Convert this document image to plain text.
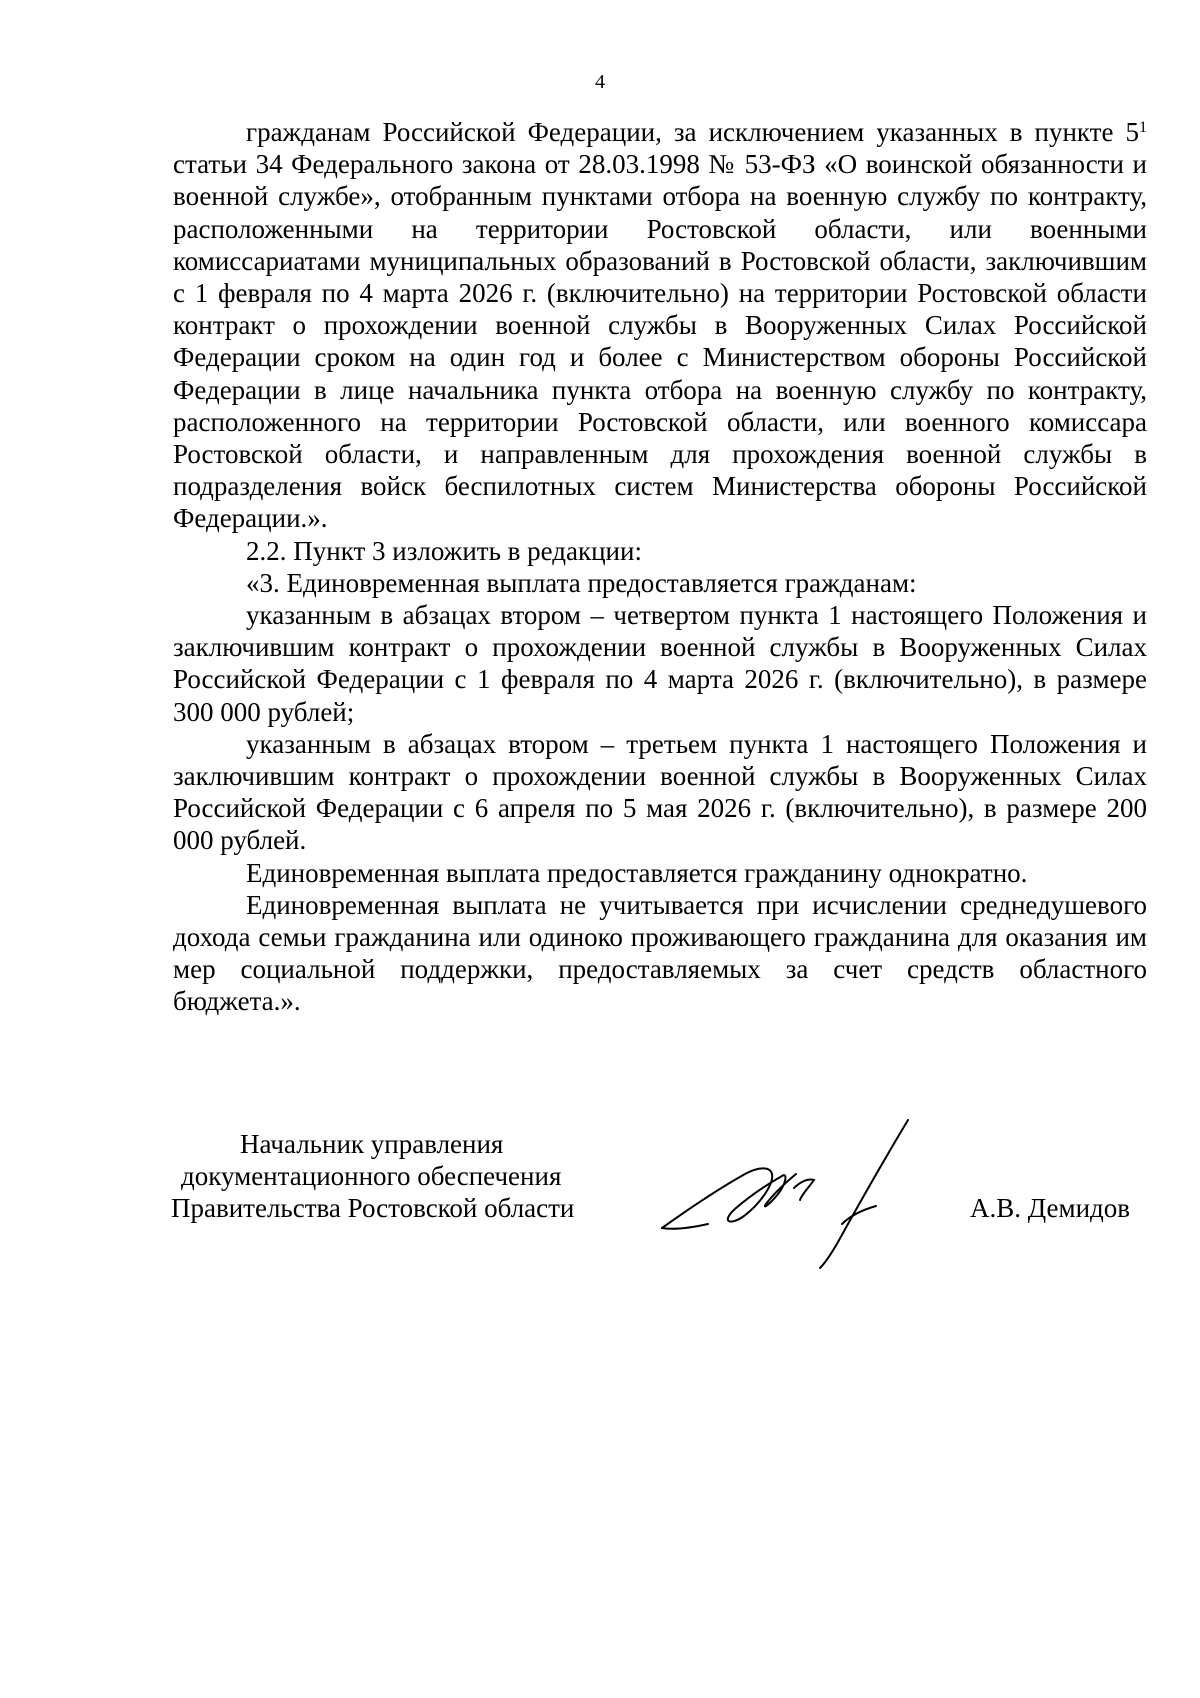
4

гражданам Российской Федерации, за исключением указанных в пункте $5^1$ статьи 34 Федерального закона от 28.03.1998 № 53-ФЗ «О воинской обязанности и военной службе», отобранным пунктами отбора на военную службу по контракту, расположенными на территории Ростовской области, или военными комиссариатами муниципальных образований в Ростовской области, заключившим с 1 февраля по 4 марта 2026 г. (включительно) на территории Ростовской области контракт о прохождении военной службы в Вооруженных Силах Российской Федерации сроком на один год и более с Министерством обороны Российской Федерации в лице начальника пункта отбора на военную службу по контракту, расположенного на территории Ростовской области, или военного комиссара Ростовской области, и направленным для прохождения военной службы в подразделения войск беспилотных систем Министерства обороны Российской Федерации.».

2.2. Пункт 3 изложить в редакции:

«3. Единовременная выплата предоставляется гражданам:

указанным в абзацах втором – четвертом пункта 1 настоящего Положения и заключившим контракт о прохождении военной службы в Вооруженных Силах Российской Федерации с 1 февраля по 4 марта 2026 г. (включительно), в размере 300 000 рублей;

указанным в абзацах втором – третьем пункта 1 настоящего Положения и заключившим контракт о прохождении военной службы в Вооруженных Силах Российской Федерации с 6 апреля по 5 мая 2026 г. (включительно), в размере 200 000 рублей.

Единовременная выплата предоставляется гражданину однократно.

Единовременная выплата не учитывается при исчислении среднедушевого дохода семьи гражданина или одиноко проживающего гражданина для оказания им мер социальной поддержки, предоставляемых за счет средств областного бюджета.».

Начальник управления
документационного обеспечения
Правительства Ростовской области	А.В. Демидов
